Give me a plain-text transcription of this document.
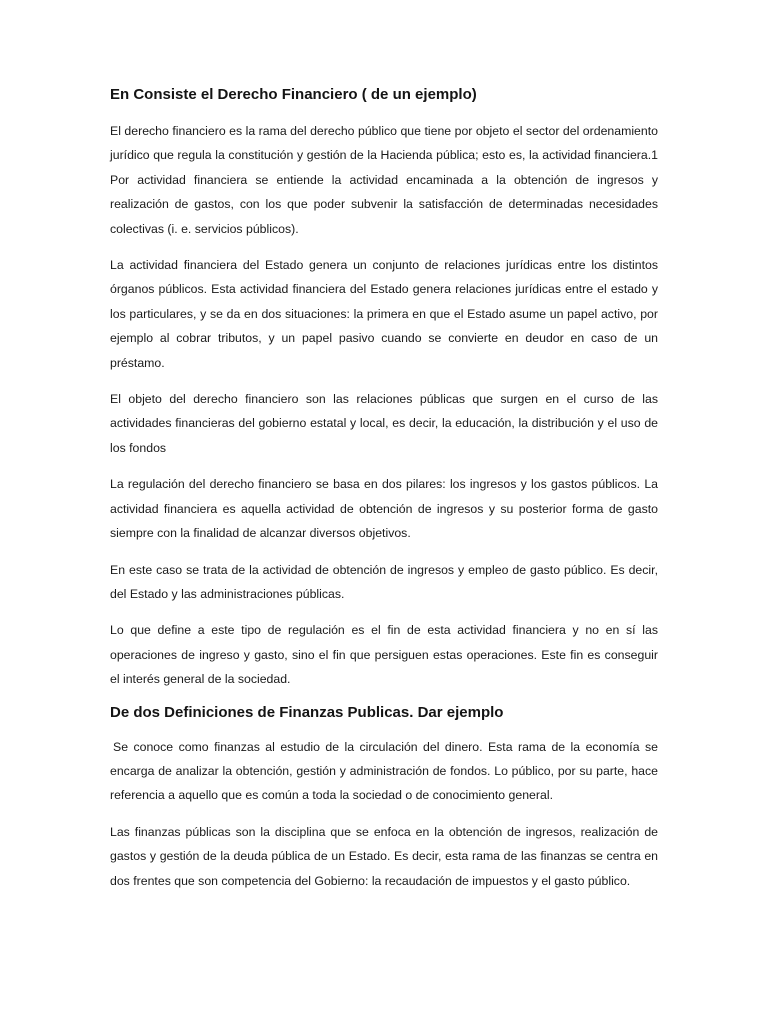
En Consiste el Derecho Financiero ( de un ejemplo)

El derecho financiero es la rama del derecho público que tiene por objeto el sector del ordenamiento jurídico que regula la constitución y gestión de la Hacienda pública; esto es, la actividad financiera.1 Por actividad financiera se entiende la actividad encaminada a la obtención de ingresos y realización de gastos, con los que poder subvenir la satisfacción de determinadas necesidades colectivas (i. e. servicios públicos).

La actividad financiera del Estado genera un conjunto de relaciones jurídicas entre los distintos órganos públicos. Esta actividad financiera del Estado genera relaciones jurídicas entre el estado y los particulares, y se da en dos situaciones: la primera en que el Estado asume un papel activo, por ejemplo al cobrar tributos, y un papel pasivo cuando se convierte en deudor en caso de un préstamo.

El objeto del derecho financiero son las relaciones públicas que surgen en el curso de las actividades financieras del gobierno estatal y local, es decir, la educación, la distribución y el uso de los fondos

La regulación del derecho financiero se basa en dos pilares: los ingresos y los gastos públicos. La actividad financiera es aquella actividad de obtención de ingresos y su posterior forma de gasto siempre con la finalidad de alcanzar diversos objetivos.

En este caso se trata de la actividad de obtención de ingresos y empleo de gasto público. Es decir, del Estado y las administraciones públicas.

Lo que define a este tipo de regulación es el fin de esta actividad financiera y no en sí las operaciones de ingreso y gasto, sino el fin que persiguen estas operaciones. Este fin es conseguir el interés general de la sociedad.

De dos Definiciones de Finanzas Publicas. Dar ejemplo

Se conoce como finanzas al estudio de la circulación del dinero. Esta rama de la economía se encarga de analizar la obtención, gestión y administración de fondos. Lo público, por su parte, hace referencia a aquello que es común a toda la sociedad o de conocimiento general.

Las finanzas públicas son la disciplina que se enfoca en la obtención de ingresos, realización de gastos y gestión de la deuda pública de un Estado. Es decir, esta rama de las finanzas se centra en dos frentes que son competencia del Gobierno: la recaudación de impuestos y el gasto público.
